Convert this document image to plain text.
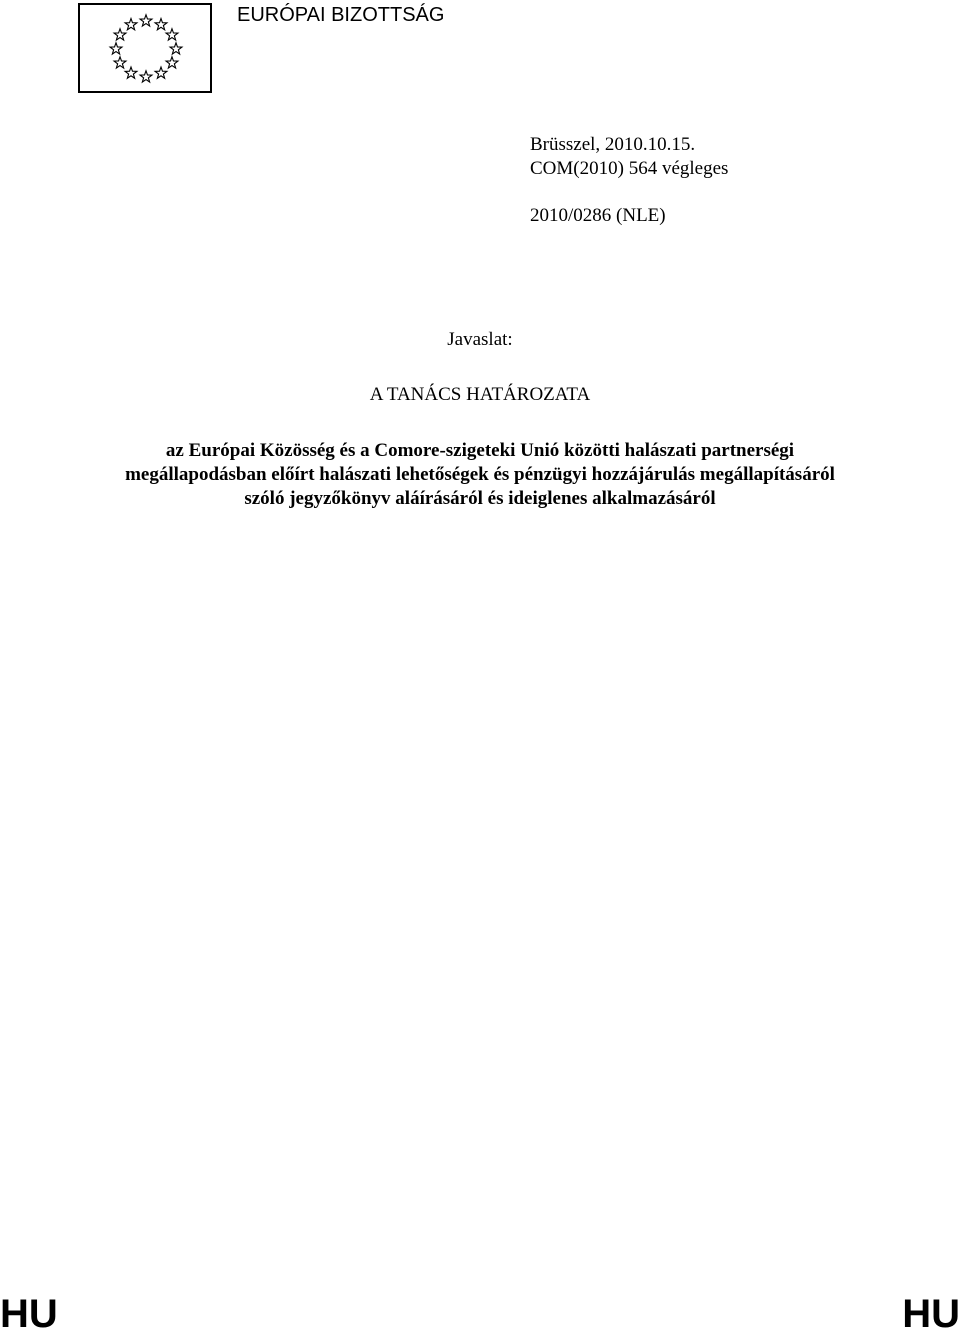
EURÓPAI BIZOTTSÁG
Brüsszel, 2010.10.15.
COM(2010) 564 végleges
2010/0286 (NLE)
Javaslat:
A TANÁCS HATÁROZATA
az Európai Közösség és a Comore-szigeteki Unió közötti halászati partnerségi
megállapodásban előírt halászati lehetőségek és pénzügyi hozzájárulás megállapításáról
szóló jegyzőkönyv aláírásáról és ideiglenes alkalmazásáról
HU	HU
